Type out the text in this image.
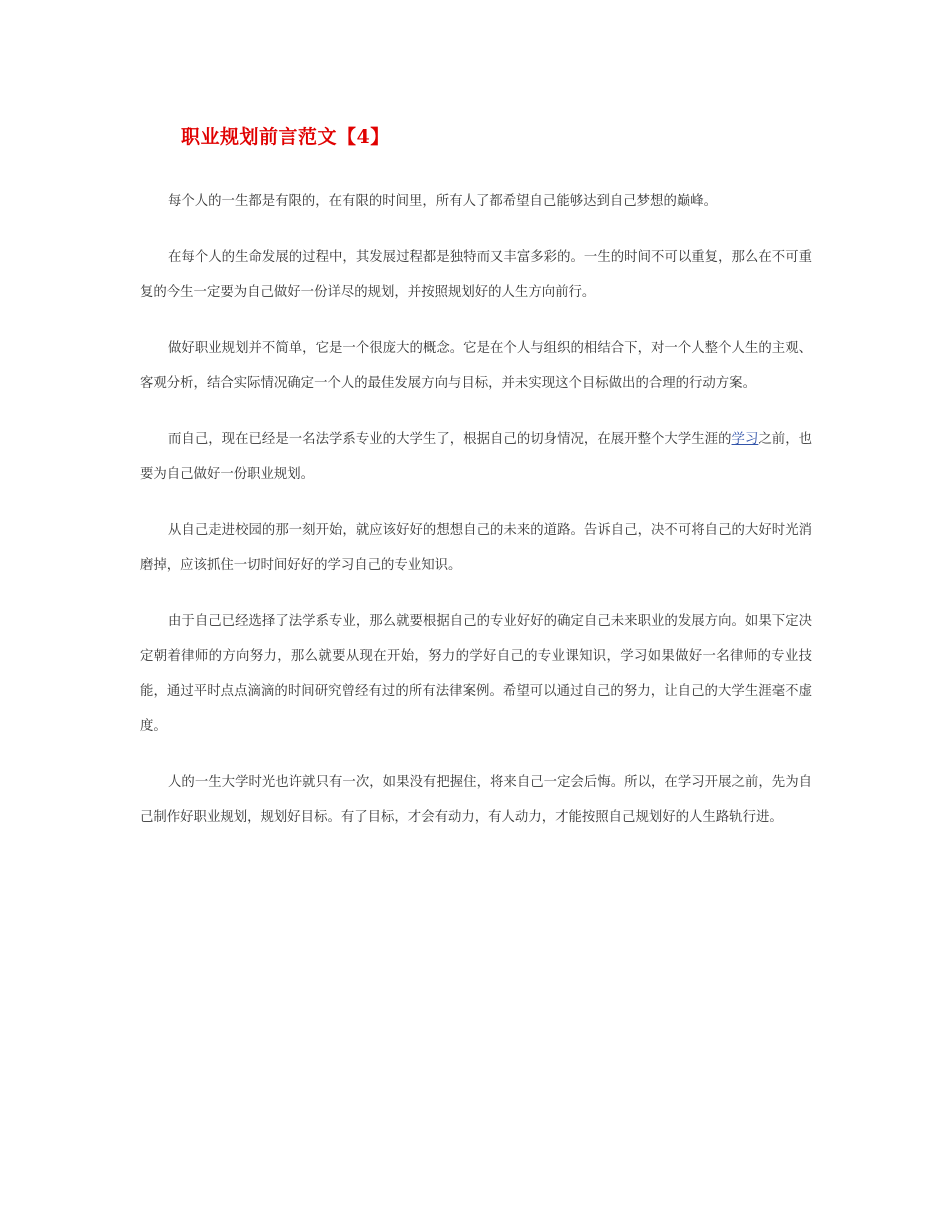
职业规划前言范文【4】

每个人的一生都是有限的，在有限的时间里，所有人了都希望自己能够达到自己梦想的巅峰。

在每个人的生命发展的过程中，其发展过程都是独特而又丰富多彩的。一生的时间不可以重复，那么在不可重复的今生一定要为自己做好一份详尽的规划，并按照规划好的人生方向前行。

做好职业规划并不简单，它是一个很庞大的概念。它是在个人与组织的相结合下，对一个人整个人生的主观、客观分析，结合实际情况确定一个人的最佳发展方向与目标，并未实现这个目标做出的合理的行动方案。

而自己，现在已经是一名法学系专业的大学生了，根据自己的切身情况，在展开整个大学生涯的学习之前，也要为自己做好一份职业规划。

从自己走进校园的那一刻开始，就应该好好的想想自己的未来的道路。告诉自己，决不可将自己的大好时光消磨掉，应该抓住一切时间好好的学习自己的专业知识。

由于自己已经选择了法学系专业，那么就要根据自己的专业好好的确定自己未来职业的发展方向。如果下定决定朝着律师的方向努力，那么就要从现在开始，努力的学好自己的专业课知识，学习如果做好一名律师的专业技能，通过平时点点滴滴的时间研究曾经有过的所有法律案例。希望可以通过自己的努力，让自己的大学生涯毫不虚度。

人的一生大学时光也许就只有一次，如果没有把握住，将来自己一定会后悔。所以，在学习开展之前，先为自己制作好职业规划，规划好目标。有了目标，才会有动力，有人动力，才能按照自己规划好的人生路轨行进。
